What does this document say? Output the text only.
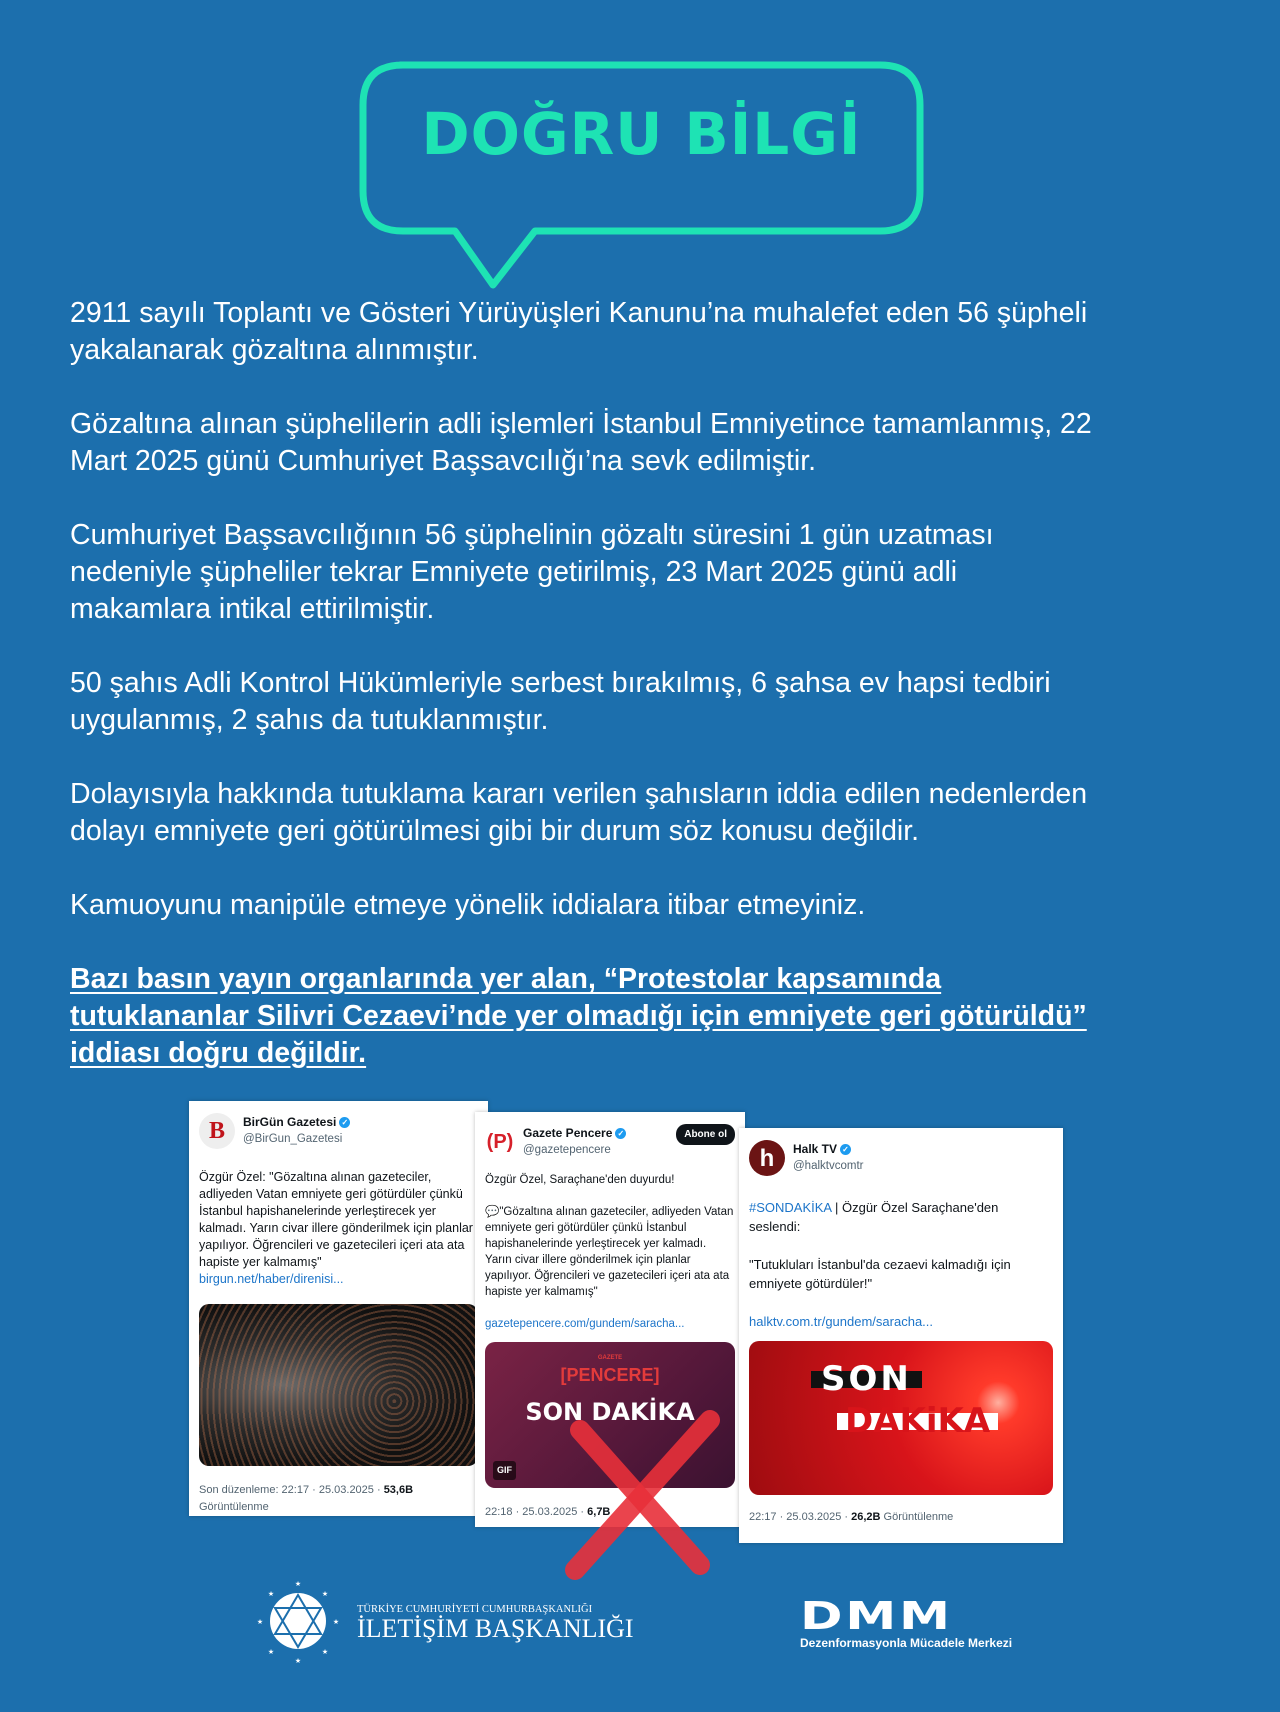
DOĞRU BİLGİ
2911 sayılı Toplantı ve Gösteri Yürüyüşleri Kanunu’na muhalefet eden 56 şüpheli
yakalanarak gözaltına alınmıştır.
Gözaltına alınan şüphelilerin adli işlemleri İstanbul Emniyetince tamamlanmış, 22
Mart 2025 günü Cumhuriyet Başsavcılığı’na sevk edilmiştir.
Cumhuriyet Başsavcılığının 56 şüphelinin gözaltı süresini 1 gün uzatması
nedeniyle şüpheliler tekrar Emniyete getirilmiş, 23 Mart 2025 günü adli
makamlara intikal ettirilmiştir.
50 şahıs Adli Kontrol Hükümleriyle serbest bırakılmış, 6 şahsa ev hapsi tedbiri
uygulanmış, 2 şahıs da tutuklanmıştır.
Dolayısıyla hakkında tutuklama kararı verilen şahısların iddia edilen nedenlerden
dolayı emniyete geri götürülmesi gibi bir durum söz konusu değildir.
Kamuoyunu manipüle etmeye yönelik iddialara itibar etmeyiniz.
Bazı basın yayın organlarında yer alan, “Protestolar kapsamında
tutuklananlar Silivri Cezaevi’nde yer olmadığı için emniyete geri götürüldü”
iddiası doğru değildir.
B	BirGün Gazetesi ✓
@BirGun_Gazetesi
Özgür Özel: "Gözaltına alınan gazeteciler, adliyeden Vatan emniyete geri götürdüler çünkü İstanbul hapishanelerinde yerleştirecek yer kalmadı. Yarın civar illere gönderilmek için planlar yapılıyor. Öğrencileri ve gazetecileri içeri ata ata hapiste yer kalmamış"
birgun.net/haber/direnisi...
Son düzenleme: 22:17 · 25.03.2025 · 53,6B
Görüntülenme
(P) Gazete Pencere ✓
@gazetepencere
Abone ol
Özgür Özel, Saraçhane'den duyurdu!

💬"Gözaltına alınan gazeteciler, adliyeden Vatan emniyete geri götürdüler çünkü İstanbul hapishanelerinde yerleştirecek yer kalmadı. Yarın civar illere gönderilmek için planlar yapılıyor. Öğrencileri ve gazetecileri içeri ata ata hapiste yer kalmamış"

gazetepencere.com/gundem/saracha...
GAZETE
[PENCERE]
SON DAKİKA
GIF
22:18 · 25.03.2025 · 6,7B
h	Halk TV ✓
@halktvcomtr
#SONDAKİKA | Özgür Özel Saraçhane'den seslendi:

"Tutukluları İstanbul'da cezaevi kalmadığı için emniyete götürdüler!"

halktv.com.tr/gundem/saracha...
SON
DAKiKA
22:17 · 25.03.2025 · 26,2B Görüntülenme
★
★
★	★
★	★
★	★
TÜRKİYE CUMHURİYETİ CUMHURBAŞKANLIĞI
İLETİŞİM BAŞKANLIĞI	DMM
Dezenformasyonla Mücadele Merkezi
